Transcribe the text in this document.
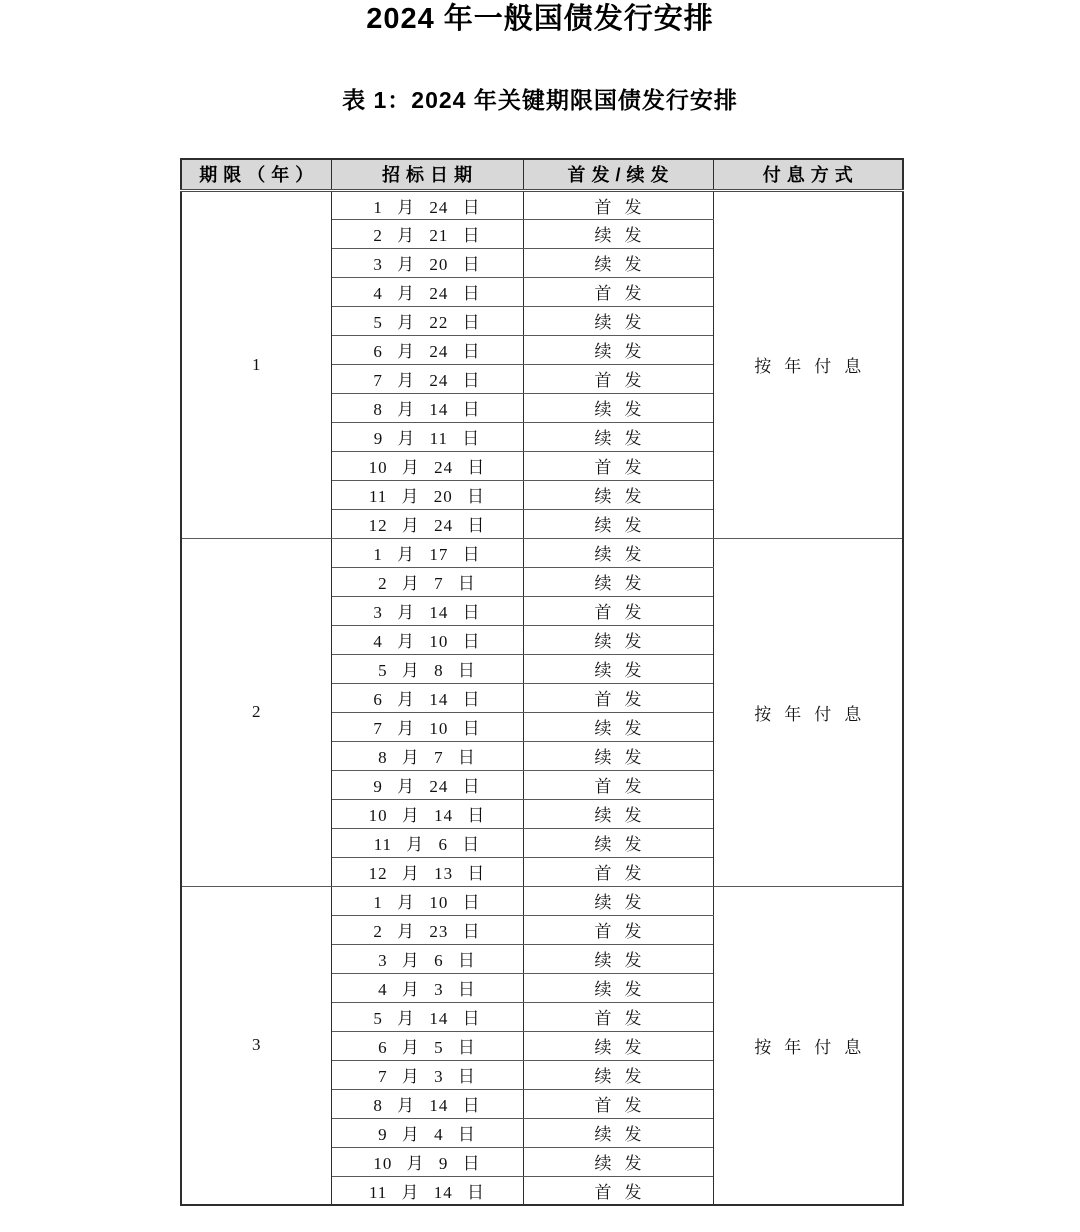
2024 年一般国债发行安排
表 1：2024 年关键期限国债发行安排
期限（年）	招标日期	首发/续发	付息方式
1	1 月 24 日	首发	按年付息
	2 月 21 日	续发	
	3 月 20 日	续发	
	4 月 24 日	首发	
	5 月 22 日	续发	
	6 月 24 日	续发	
	7 月 24 日	首发	
	8 月 14 日	续发	
	9 月 11 日	续发	
	10 月 24 日	首发	
	11 月 20 日	续发	
	12 月 24 日	续发	
2	1 月 17 日	续发	按年付息
	2 月 7 日	续发	
	3 月 14 日	首发	
	4 月 10 日	续发	
	5 月 8 日	续发	
	6 月 14 日	首发	
	7 月 10 日	续发	
	8 月 7 日	续发	
	9 月 24 日	首发	
	10 月 14 日	续发	
	11 月 6 日	续发	
	12 月 13 日	首发	
3	1 月 10 日	续发	按年付息
	2 月 23 日	首发	
	3 月 6 日	续发	
	4 月 3 日	续发	
	5 月 14 日	首发	
	6 月 5 日	续发	
	7 月 3 日	续发	
	8 月 14 日	首发	
	9 月 4 日	续发	
	10 月 9 日	续发	
	11 月 14 日	首发	
